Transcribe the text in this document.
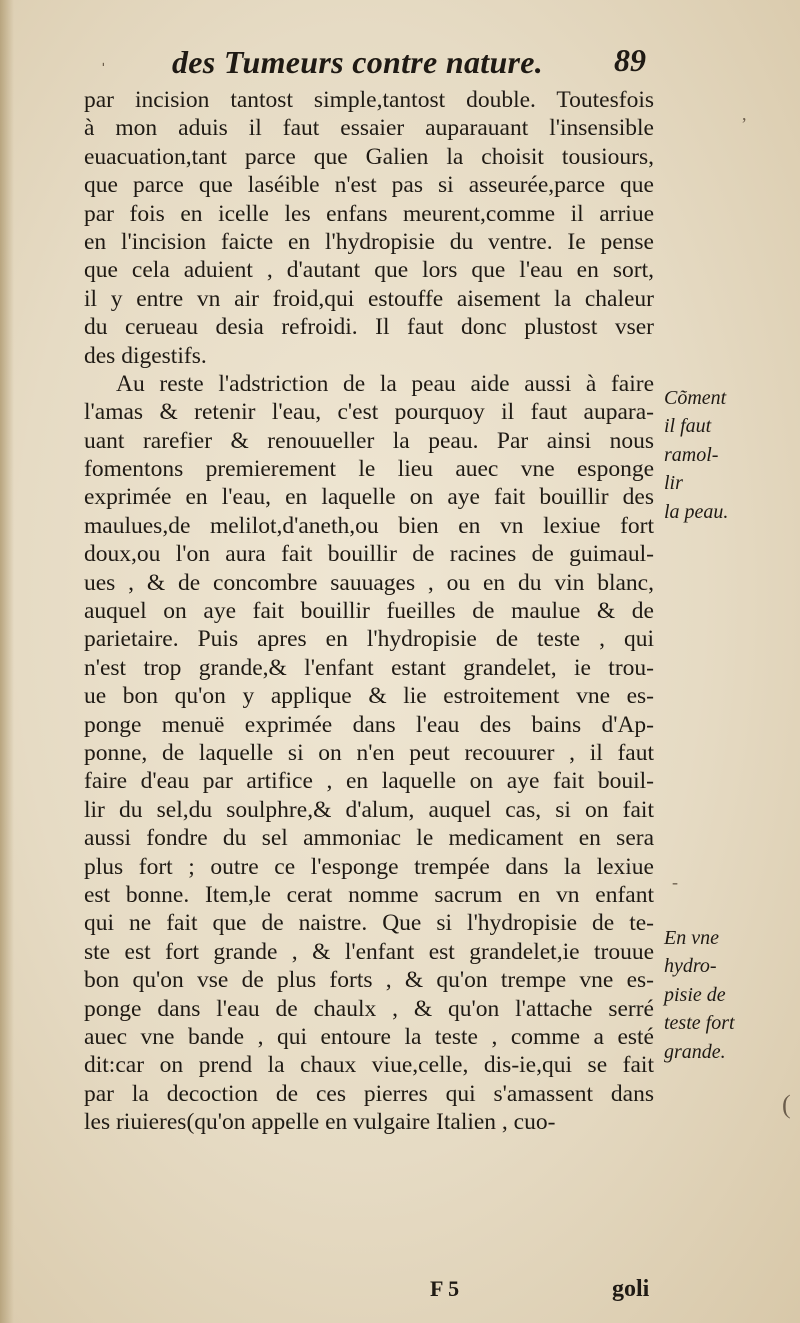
ˈ des Tumeurs contre nature. 89
par incision tantost simple,tantost double. Toutesfois
à mon aduis il faut essaier auparauant l'insensible
euacuation,tant parce que Galien la choisit tousiours,
que parce que laséible n'est pas si asseurée,parce que
par fois en icelle les enfans meurent,comme il arriue
en l'incision faicte en l'hydropisie du ventre. Ie pense
que cela aduient , d'autant que lors que l'eau en sort,
il y entre vn air froid,qui estouffe aisement la chaleur
du cerueau desia refroidi. Il faut donc plustost vser
des digestifs.
Au reste l'adstriction de la peau aide aussi à faire
l'amas & retenir l'eau, c'est pourquoy il faut aupara-
uant rarefier & renouueller la peau. Par ainsi nous
fomentons premierement le lieu auec vne esponge
exprimée en l'eau, en laquelle on aye fait bouillir des
maulues,de melilot,d'aneth,ou bien en vn lexiue fort
doux,ou l'on aura fait bouillir de racines de guimaul-
ues , & de concombre sauuages , ou en du vin blanc,
auquel on aye fait bouillir fueilles de maulue & de
parietaire. Puis apres en l'hydropisie de teste , qui
n'est trop grande,& l'enfant estant grandelet, ie trou-
ue bon qu'on y applique & lie estroitement vne es-
ponge menuë exprimée dans l'eau des bains d'Ap-
ponne, de laquelle si on n'en peut recouurer , il faut
faire d'eau par artifice , en laquelle on aye fait bouil-
lir du sel,du soulphre,& d'alum, auquel cas, si on fait
aussi fondre du sel ammoniac le medicament en sera
plus fort ; outre ce l'esponge trempée dans la lexiue
est bonne. Item,le cerat nomme sacrum en vn enfant
qui ne fait que de naistre. Que si l'hydropisie de te-
ste est fort grande , & l'enfant est grandelet,ie trouue
bon qu'on vse de plus forts , & qu'on trempe vne es-
ponge dans l'eau de chaulx , & qu'on l'attache serré
auec vne bande , qui entoure la teste , comme a esté
dit:car on prend la chaux viue,celle, dis-ie,qui se fait
par la decoction de ces pierres qui s'amassent dans
les riuieres(qu'on appelle en vulgaire Italien , cuo-
Cõment
il faut
ramol-
lir
la peau.
En vne
hydro-
pisie de
teste fort
grande.
,
-
(
F 5	goli
